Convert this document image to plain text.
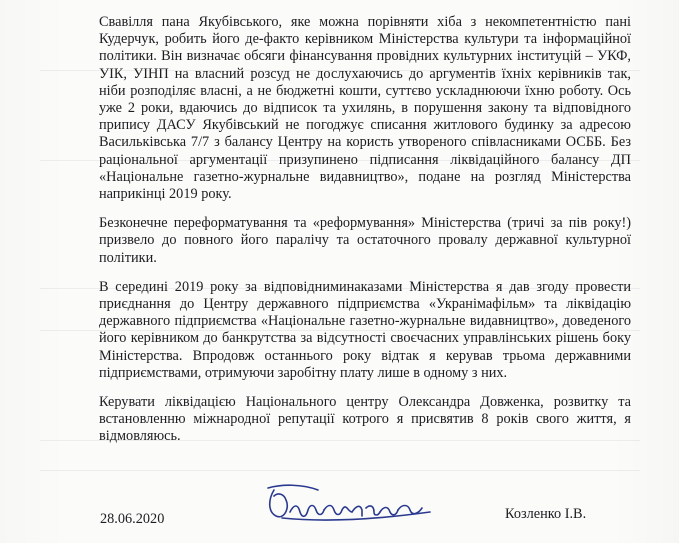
Свавілля пана Якубівського, яке можна порівняти хіба з некомпетентністю пані Кудерчук, робить його де-факто керівником Міністерства культури та інформаційної політики. Він визначає обсяги фінансування провідних культурних інституцій – УКФ, УІК, УІНП на власний розсуд не дослухаючись до аргументів їхніх керівників так, ніби розподіляє власні, а не бюджетні кошти, суттєво ускладнюючи їхню роботу. Ось уже 2 роки, вдаючись до відписок та ухилянь, в порушення закону та відповідного припису ДАСУ Якубівський не погоджує списання житлового будинку за адресою Васильківська 7/7 з балансу Центру на користь утвореного співласниками ОСББ. Без раціональної аргументації призупинено підписання ліквідаційного балансу ДП «Національне газетно-журнальне видавництво», подане на розгляд Міністерства наприкінці 2019 року.

Безконечне переформатування та «реформування» Міністерства (тричі за пів року!) призвело до повного його паралічу та остаточного провалу державної культурної політики.

В середині 2019 року за відповідниминаказами Міністерства я дав згоду провести приєднання до Центру державного підприємства «Укранімафільм» та ліквідацію державного підприємства «Національне газетно-журнальне видавництво», доведеного його керівником до банкрутства за відсутності своєчасних управлінських рішень боку Міністерства. Впродовж останнього року відтак я керував трьома державними підприємствами, отримуючи заробітну плату лише в одному з них.

Керувати ліквідацією Національного центру Олександра Довженка, розвитку та встановленню міжнародної репутації котрого я присвятив 8 років свого життя, я відмовляюсь.

28.06.2020	Козленко І.В.
